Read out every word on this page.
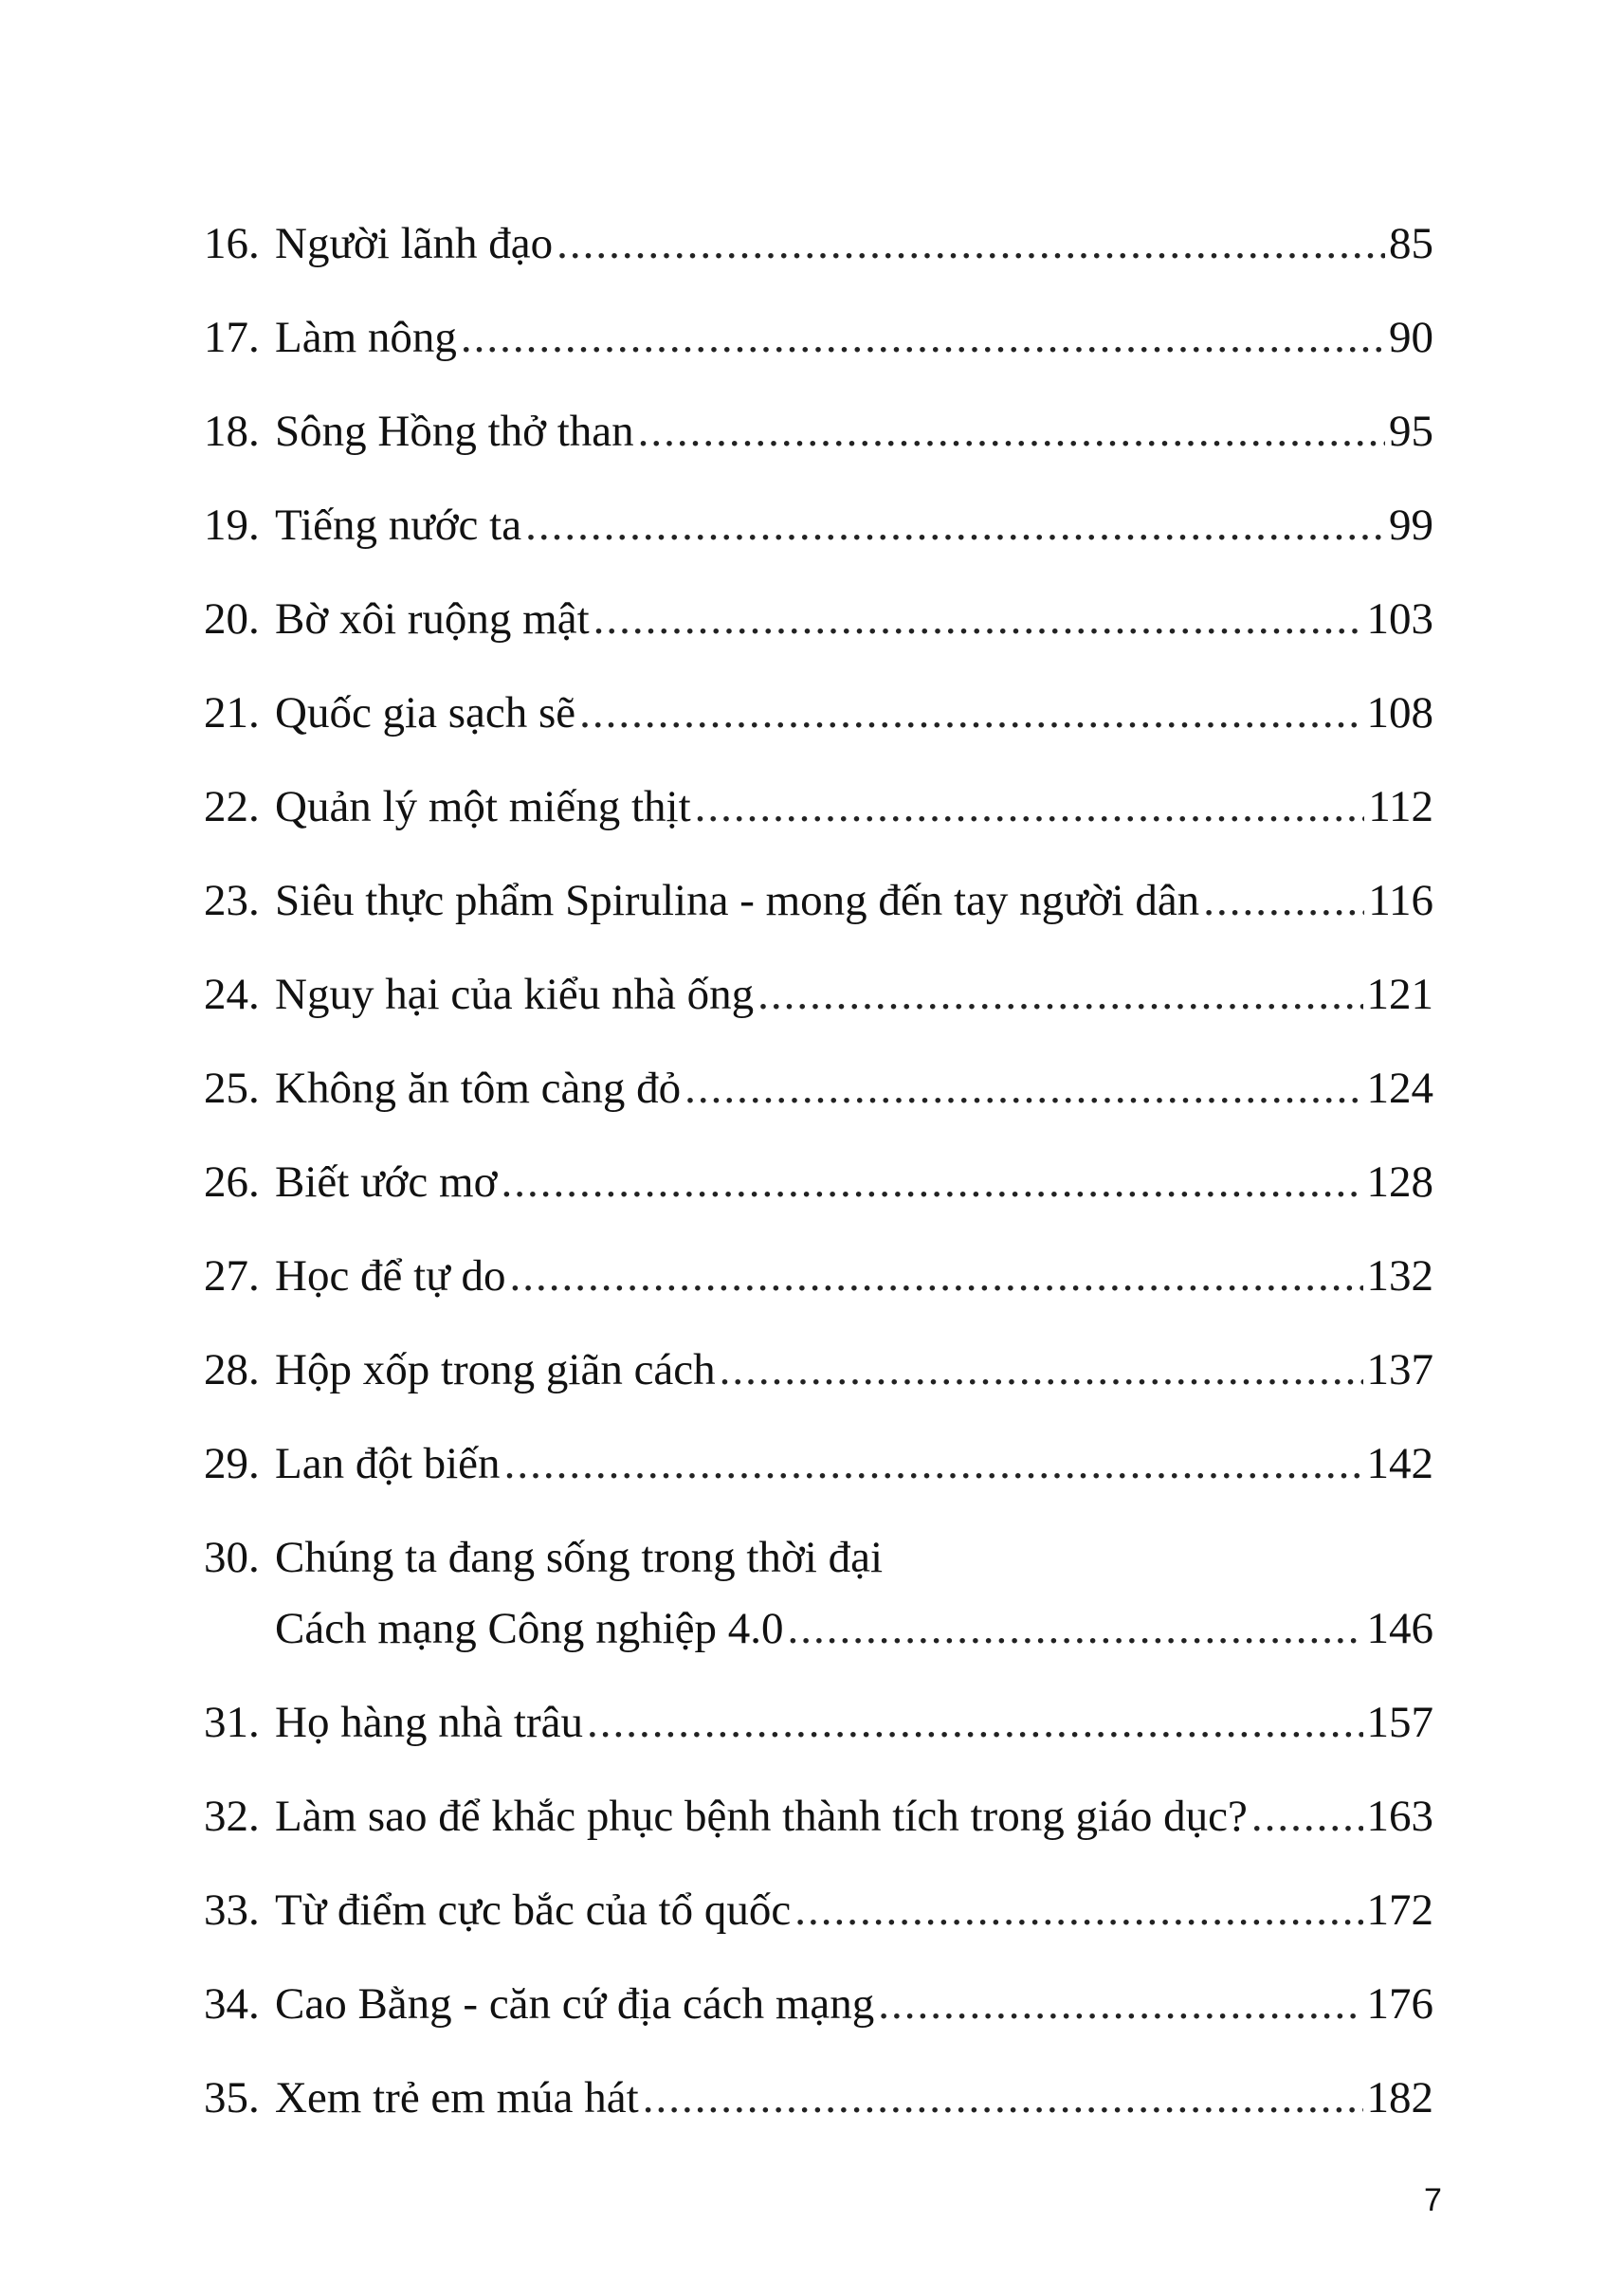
16. Người lãnh đạo .....	85
17. Làm nông .....	90
18. Sông Hồng thở than .....	95
19. Tiếng nước ta .....	99
20. Bờ xôi ruộng mật .....	103
21. Quốc gia sạch sẽ .....	108
22. Quản lý một miếng thịt .....	112
23. Siêu thực phẩm Spirulina - mong đến tay người dân .....	116
24. Nguy hại của kiểu nhà ống .....	121
25. Không ăn tôm càng đỏ .....	124
26. Biết ước mơ .....	128
27. Học để tự do .....	132
28. Hộp xốp trong giãn cách .....	137
29. Lan đột biến .....	142
30. Chúng ta đang sống trong thời đại
Cách mạng Công nghiệp 4.0 .....	146
31. Họ hàng nhà trâu .....	157
32. Làm sao để khắc phục bệnh thành tích trong giáo dục? .....	163
33. Từ điểm cực bắc của tổ quốc .....	172
34. Cao Bằng - căn cứ địa cách mạng .....	176
35. Xem trẻ em múa hát .....	182
7
